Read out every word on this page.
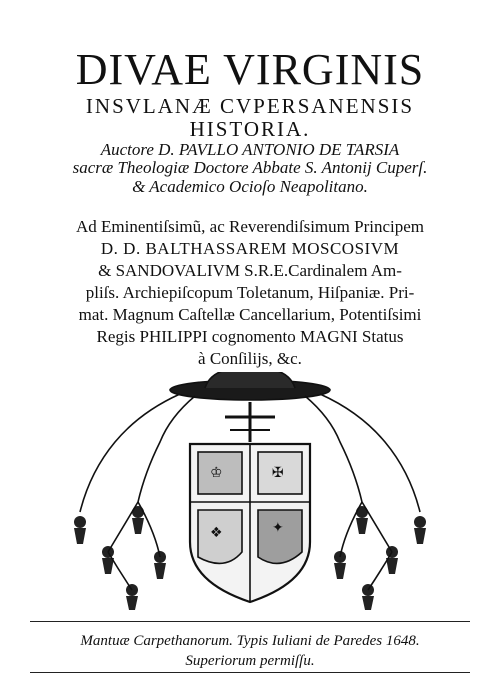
DIVAE VIRGINIS
INSVLANÆ CVPERSANENSIS
HISTORIA.
Auctore D. PAVLLO ANTONIO DE TARSIA
sacræ Theologiæ Doctore Abbate S. Antonij Cuperſ.
& Academico Ocioſo Neapolitano.
Ad Eminentiſsimũ, ac Reverendiſsimum Principem
D. D. BALTHASSAREM MOSCOSIVM
& SANDOVALIVM S.R.E.Cardinalem Am-
pliſs. Archiepiſcopum Toletanum, Hiſpaniæ. Pri-
mat. Magnum Caſtellæ Cancellarium, Potentiſsimi
Regis PHILIPPI cognomento MAGNI Status
à Conſilijs, &c.
✦
♔	✠
❖
Mantuæ Carpethanorum. Typis Iuliani de Paredes 1648.
Superiorum permiſſu.
